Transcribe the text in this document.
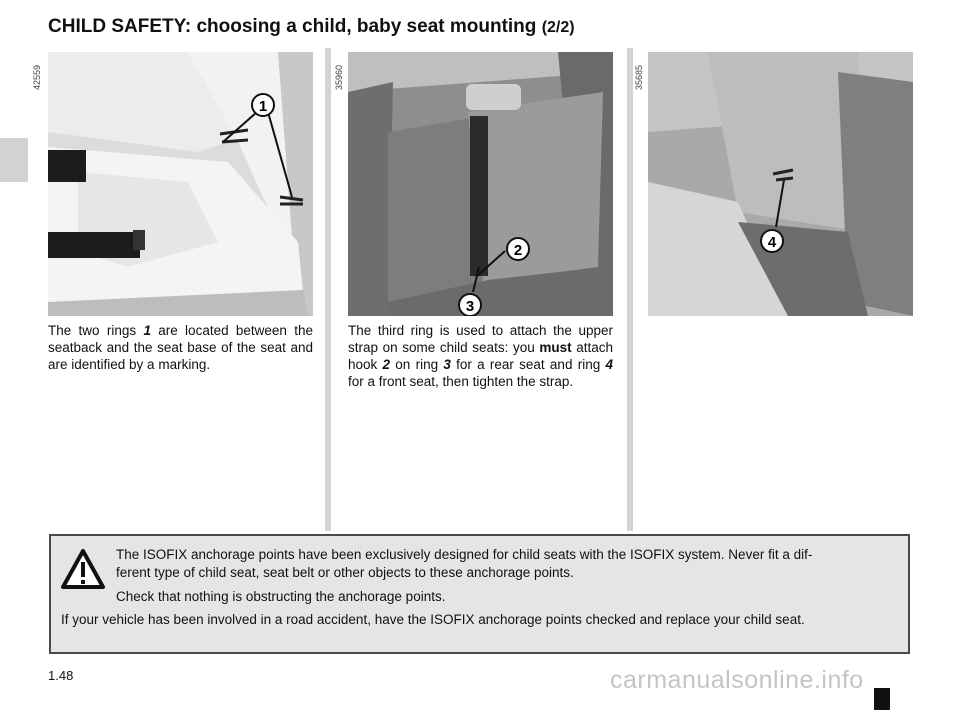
CHILD SAFETY: choosing a child, baby seat mounting (2/2)
42559	35960	35685
1
2
3
4

The two rings 1 are located between the seatback and the seat base of the seat and are identified by a marking.

The third ring is used to attach the upper strap on some child seats: you must attach hook 2 on ring 3 for a rear seat and ring 4 for a front seat, then tighten the strap.

The ISOFIX anchorage points have been exclusively designed for child seats with the ISOFIX system. Never fit a dif-

ferent type of child seat, seat belt or other objects to these anchorage points.

Check that nothing is obstructing the anchorage points.

If your vehicle has been involved in a road accident, have the ISOFIX anchorage points checked and replace your child seat.

1.48	carmanualsonline.info
